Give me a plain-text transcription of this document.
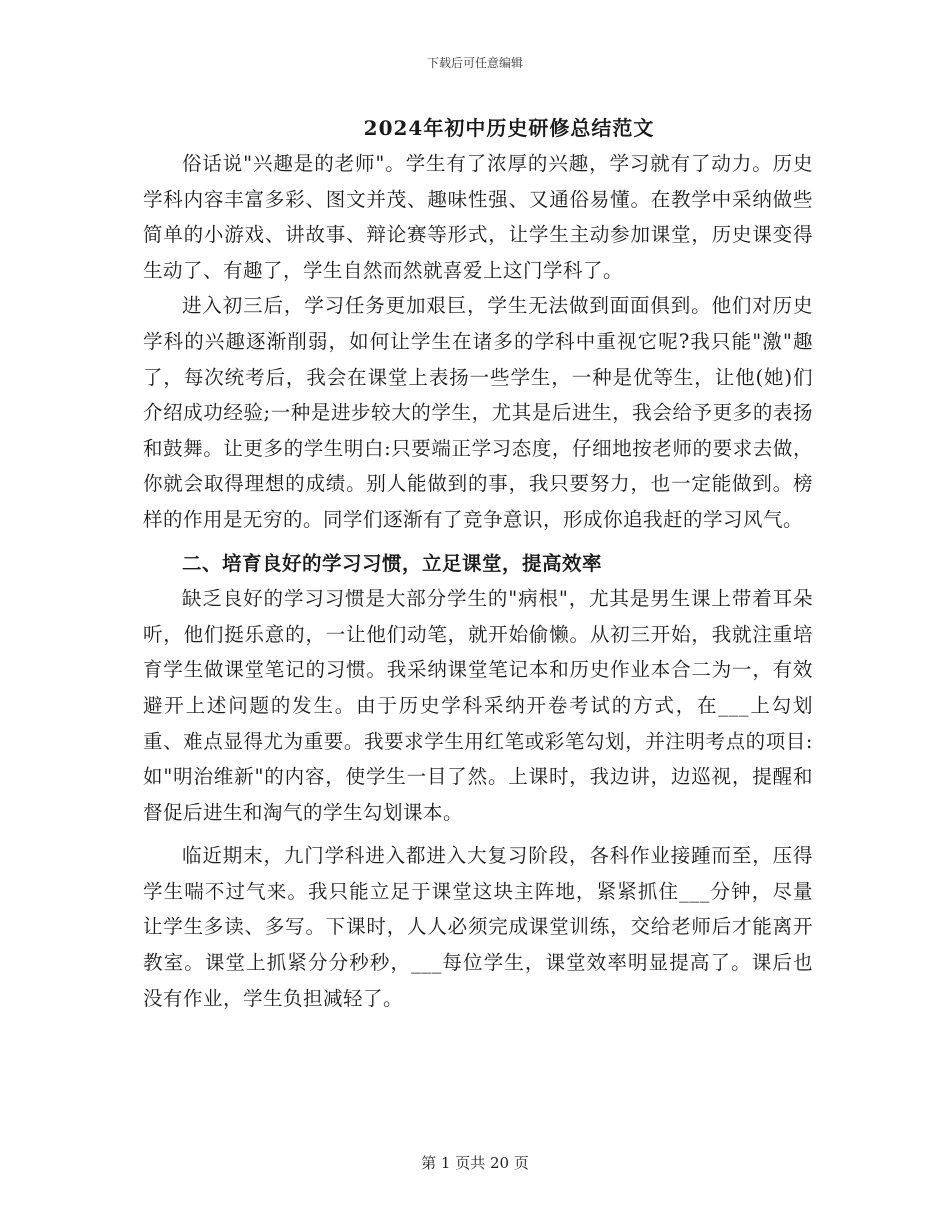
下载后可任意编辑
2024年初中历史研修总结范文

俗话说"兴趣是的老师"。学生有了浓厚的兴趣，学习就有了动力。历史学科内容丰富多彩、图文并茂、趣味性强、又通俗易懂。在教学中采纳做些简单的小游戏、讲故事、辩论赛等形式，让学生主动参加课堂，历史课变得生动了、有趣了，学生自然而然就喜爱上这门学科了。

进入初三后，学习任务更加艰巨，学生无法做到面面俱到。他们对历史学科的兴趣逐渐削弱，如何让学生在诸多的学科中重视它呢?我只能"激"趣了，每次统考后，我会在课堂上表扬一些学生，一种是优等生，让他(她)们介绍成功经验;一种是进步较大的学生，尤其是后进生，我会给予更多的表扬和鼓舞。让更多的学生明白:只要端正学习态度，仔细地按老师的要求去做，你就会取得理想的成绩。别人能做到的事，我只要努力，也一定能做到。榜样的作用是无穷的。同学们逐渐有了竞争意识，形成你追我赶的学习风气。

二、培育良好的学习习惯，立足课堂，提高效率

缺乏良好的学习习惯是大部分学生的"病根"，尤其是男生课上带着耳朵听，他们挺乐意的，一让他们动笔，就开始偷懒。从初三开始，我就注重培育学生做课堂笔记的习惯。我采纳课堂笔记本和历史作业本合二为一，有效避开上述问题的发生。由于历史学科采纳开卷考试的方式，在___上勾划重、难点显得尤为重要。我要求学生用红笔或彩笔勾划，并注明考点的项目:如"明治维新"的内容，使学生一目了然。上课时，我边讲，边巡视，提醒和督促后进生和淘气的学生勾划课本。

临近期末，九门学科进入都进入大复习阶段，各科作业接踵而至，压得学生喘不过气来。我只能立足于课堂这块主阵地，紧紧抓住___分钟，尽量让学生多读、多写。下课时，人人必须完成课堂训练，交给老师后才能离开教室。课堂上抓紧分分秒秒，___每位学生，课堂效率明显提高了。课后也没有作业，学生负担减轻了。

第 1 页共 20 页
